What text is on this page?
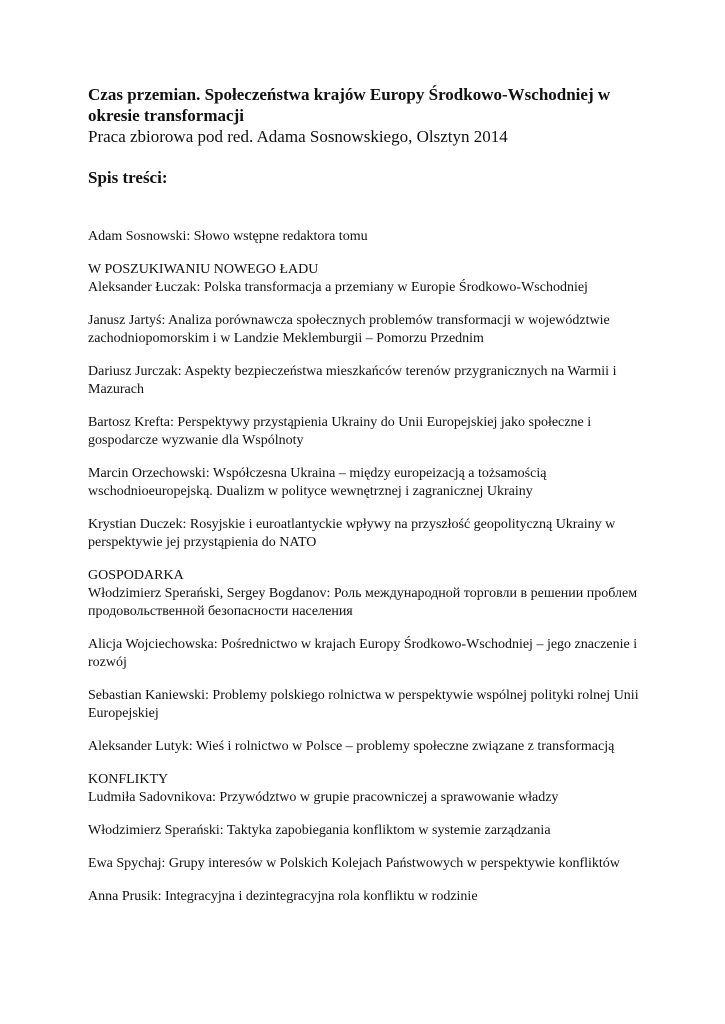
Czas przemian. Społeczeństwa krajów Europy Środkowo-Wschodniej w okresie transformacji

Praca zbiorowa pod red. Adama Sosnowskiego, Olsztyn 2014

Spis treści:

Adam Sosnowski: Słowo wstępne redaktora tomu
W POSZUKIWANIU NOWEGO ŁADU
Aleksander Łuczak: Polska transformacja a przemiany w Europie Środkowo-Wschodniej
Janusz Jartyś: Analiza porównawcza społecznych problemów transformacji w województwie zachodniopomorskim i w Landzie Meklemburgii – Pomorzu Przednim
Dariusz Jurczak: Aspekty bezpieczeństwa mieszkańców terenów przygranicznych na Warmii i Mazurach
Bartosz Krefta: Perspektywy przystąpienia Ukrainy do Unii Europejskiej jako społeczne i gospodarcze wyzwanie dla Wspólnoty
Marcin Orzechowski: Współczesna Ukraina – między europeizacją a tożsamością wschodnioeuropejską. Dualizm w polityce wewnętrznej i zagranicznej Ukrainy
Krystian Duczek: Rosyjskie i euroatlantyckie wpływy na przyszłość geopolityczną Ukrainy w perspektywie jej przystąpienia do NATO
GOSPODARKA
Włodzimierz Sperański, Sergey Bogdanov: Роль международной торговли в решении проблем продовольственной безопасности населения
Alicja Wojciechowska: Pośrednictwo w krajach Europy Środkowo-Wschodniej – jego znaczenie i rozwój
Sebastian Kaniewski: Problemy polskiego rolnictwa w perspektywie wspólnej polityki rolnej Unii Europejskiej
Aleksander Lutyk: Wieś i rolnictwo w Polsce – problemy społeczne związane z transformacją
KONFLIKTY
Ludmiła Sadovnikova: Przywództwo w grupie pracowniczej a sprawowanie władzy
Włodzimierz Sperański: Taktyka zapobiegania konfliktom w systemie zarządzania
Ewa Spychaj: Grupy interesów w Polskich Kolejach Państwowych w perspektywie konfliktów
Anna Prusik: Integracyjna i dezintegracyjna rola konfliktu w rodzinie
